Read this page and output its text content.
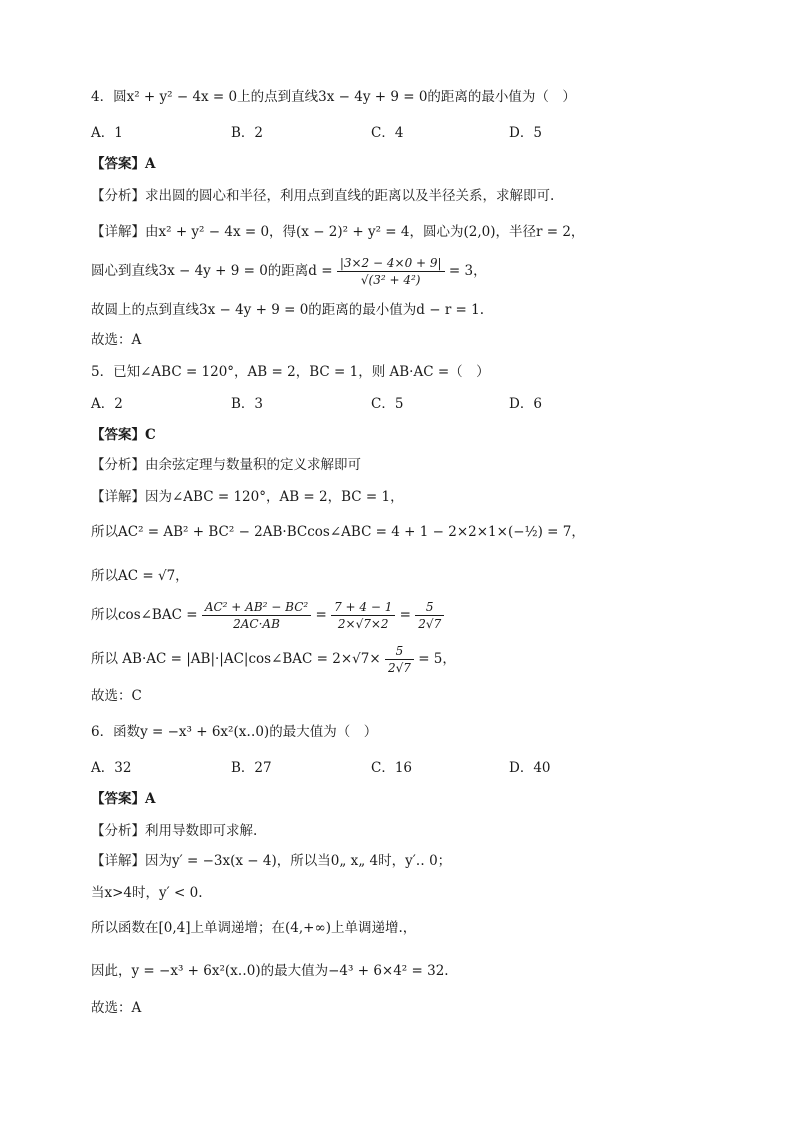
4．圆x² + y² − 4x = 0上的点到直线3x − 4y + 9 = 0的距离的最小值为（　）
A．1	B．2	C．4	D．5
【答案】A
【分析】求出圆的圆心和半径，利用点到直线的距离以及半径关系，求解即可.
【详解】由x² + y² − 4x = 0，得(x − 2)² + y² = 4，圆心为(2,0)，半径r = 2，
圆心到直线3x − 4y + 9 = 0的距离$d = \frac{|3\times 2 - 4\times 0 + 9|}{\text{√(3² + 4²)}} = 3$，
故圆上的点到直线3x − 4y + 9 = 0的距离的最小值为d − r = 1.
故选：A
5．已知∠ABC = 120°，AB = 2，BC = 1，则 AB·AC =（　）
A．2	B．3	C．5	D．6
【答案】C
【分析】由余弦定理与数量积的定义求解即可
【详解】因为∠ABC = 120°，AB = 2，BC = 1，
所以AC² = AB² + BC² − 2AB·BCcos∠ABC = 4 + 1 − 2×2×1×(−½) = 7，
所以AC = √7，
所以cos∠BAC = $\frac{\text{AC² + AB² − BC²}}{2AC\cdot AB} = \frac{7 + 4 - 1}{2\times√7\times 2} = \frac{5}{2√7}$
所以 AB·AC = |AB|·|AC|cos∠BAC = $2\times√7\times \frac{5}{2√7} = 5$，
故选：C
6．函数y = −x³ + 6x²(x‥0)的最大值为（　）
A．32	B．27	C．16	D．40
【答案】A
【分析】利用导数即可求解.
【详解】因为y′ = −3x(x − 4)，所以当0„ x„ 4时，y′‥ 0；
当x>4时，y′ < 0.
所以函数在[0,4]上单调递增；在(4,+∞)上单调递增.，
因此，y = −x³ + 6x²(x‥0)的最大值为−4³ + 6×4² = 32.
故选：A
